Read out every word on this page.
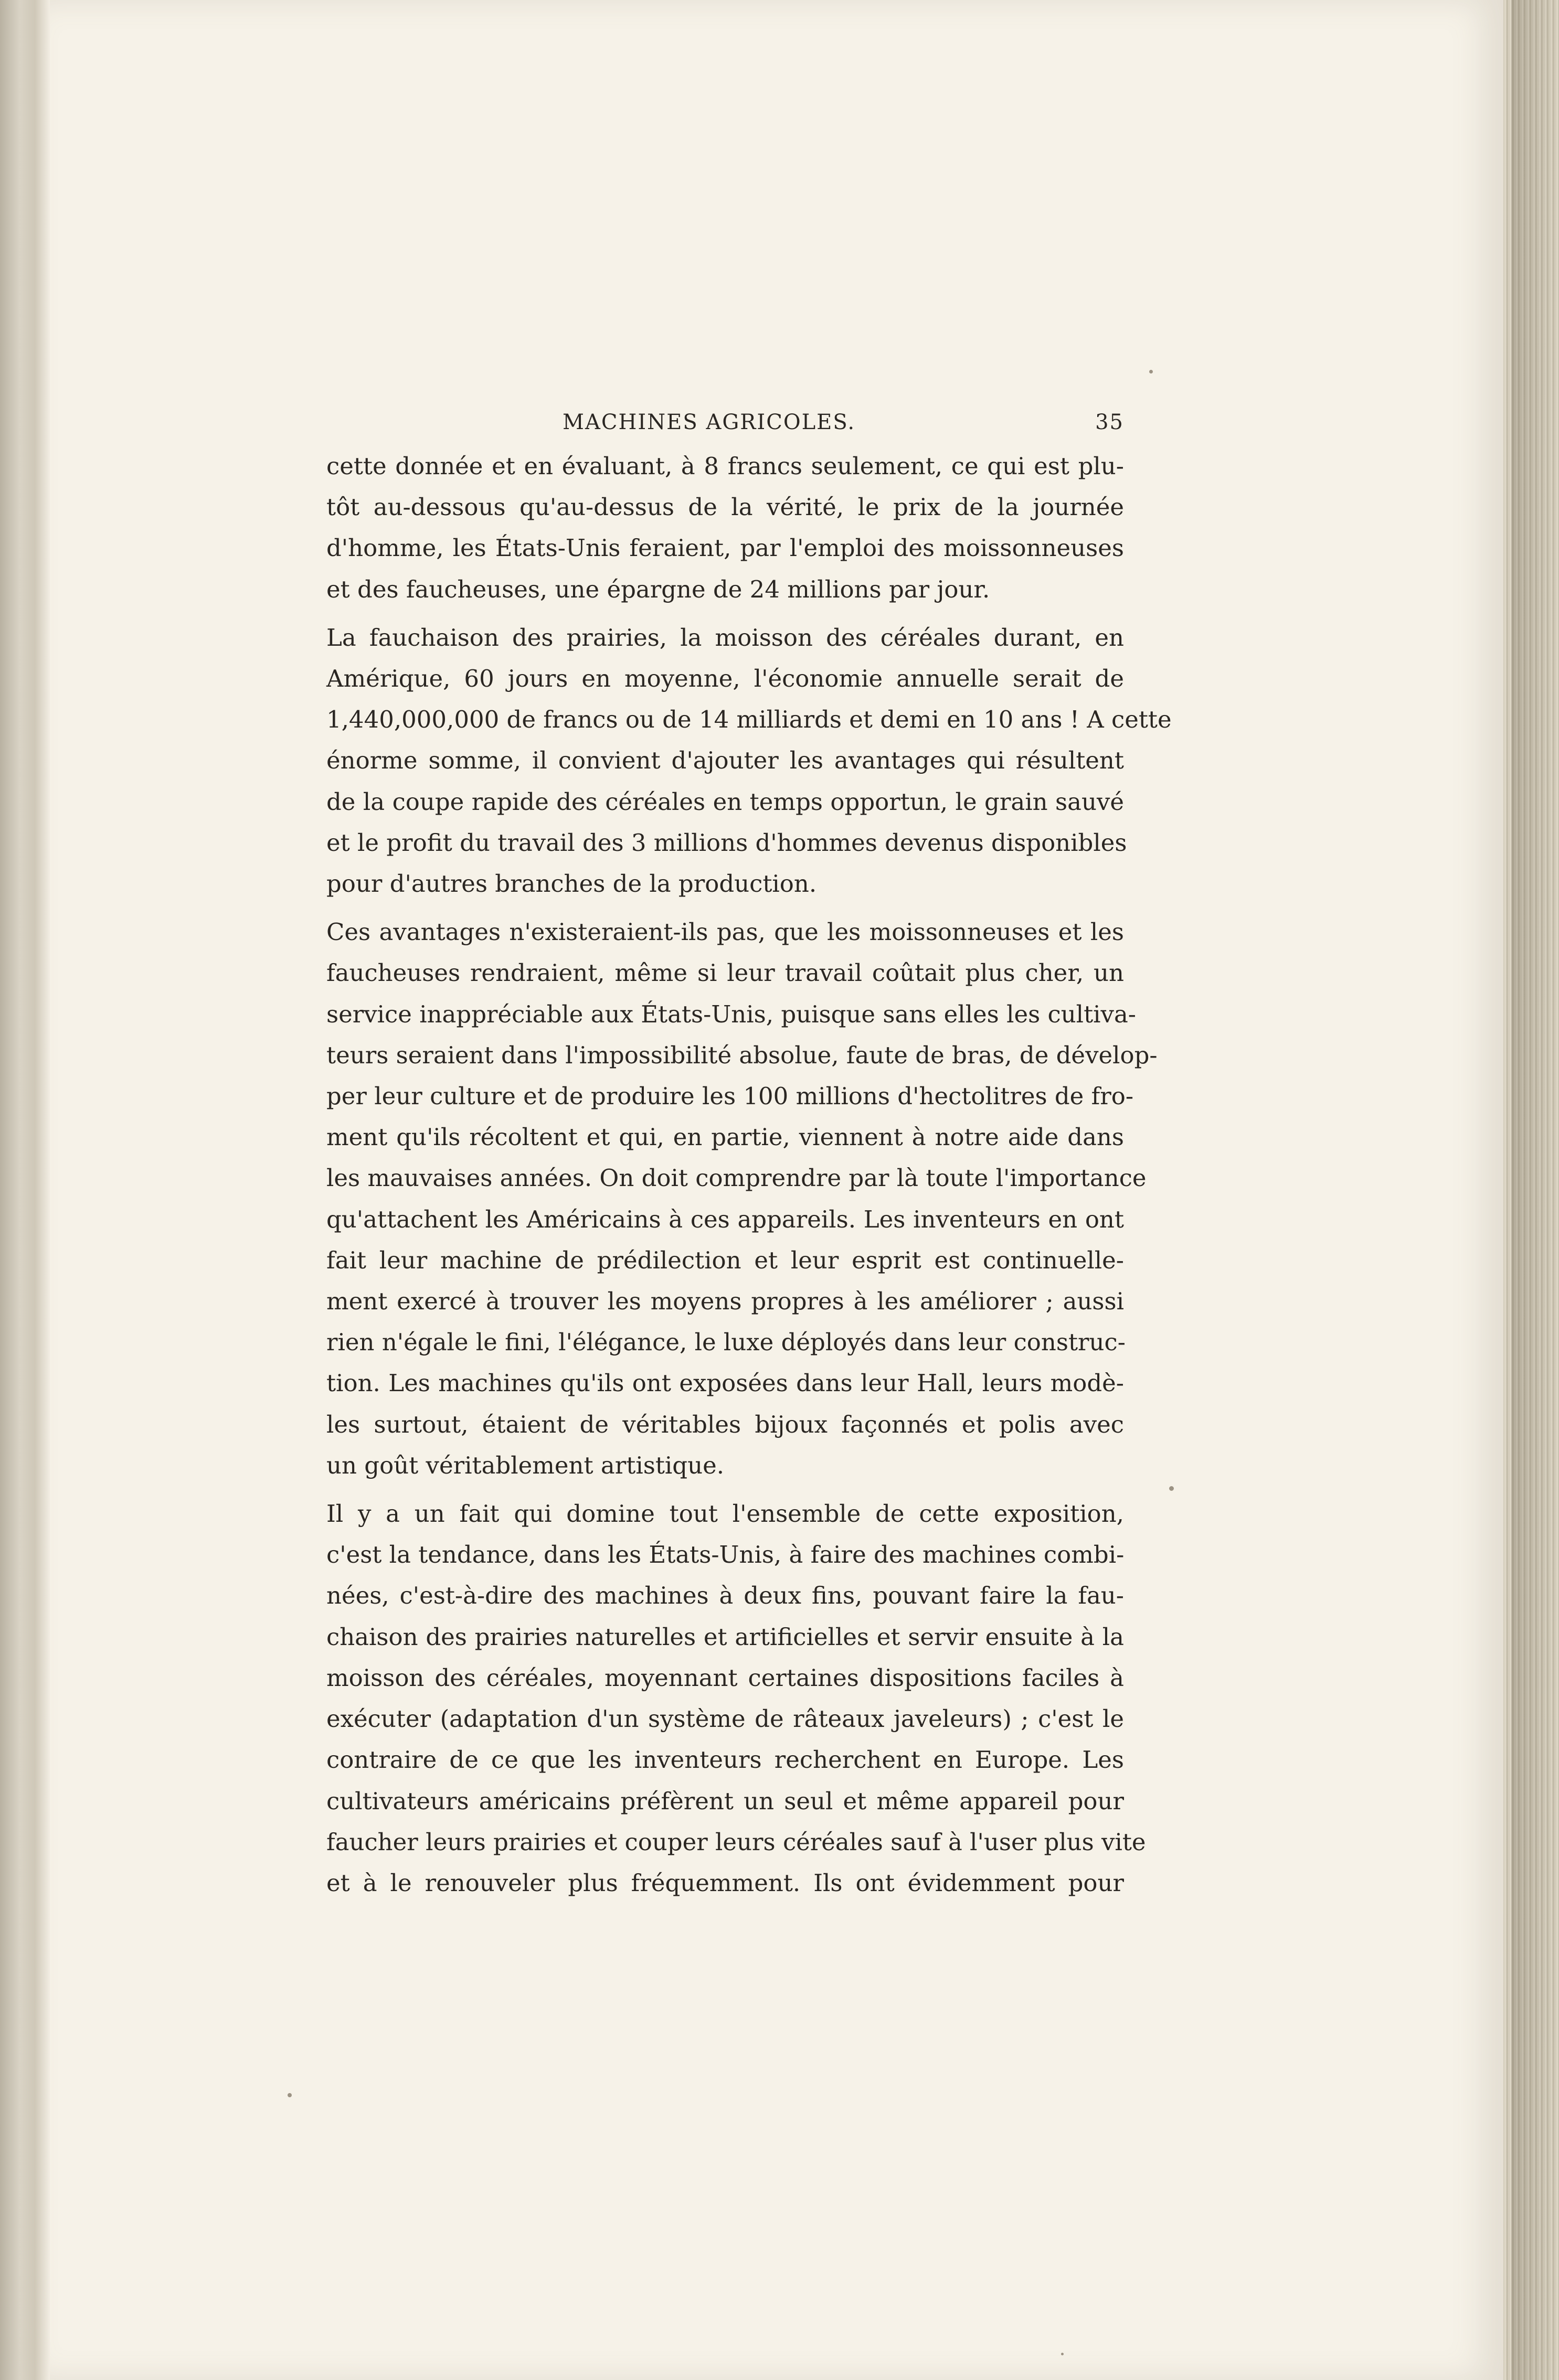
MACHINES AGRICOLES.	35
cette donnée et en évaluant, à 8 francs seulement, ce qui est plu-
tôt au-dessous qu'au-dessus de la vérité, le prix de la journée
d'homme, les États-Unis feraient, par l'emploi des moissonneuses
et des faucheuses, une épargne de 24 millions par jour.
La fauchaison des prairies, la moisson des céréales durant, en
Amérique, 60 jours en moyenne, l'économie annuelle serait de
1,440,000,000 de francs ou de 14 milliards et demi en 10 ans ! A cette
énorme somme, il convient d'ajouter les avantages qui résultent
de la coupe rapide des céréales en temps opportun, le grain sauvé
et le profit du travail des 3 millions d'hommes devenus disponibles
pour d'autres branches de la production.
Ces avantages n'existeraient-ils pas, que les moissonneuses et les
faucheuses rendraient, même si leur travail coûtait plus cher, un
service inappréciable aux États-Unis, puisque sans elles les cultiva-
teurs seraient dans l'impossibilité absolue, faute de bras, de dévelop-
per leur culture et de produire les 100 millions d'hectolitres de fro-
ment qu'ils récoltent et qui, en partie, viennent à notre aide dans
les mauvaises années. On doit comprendre par là toute l'importance
qu'attachent les Américains à ces appareils. Les inventeurs en ont
fait leur machine de prédilection et leur esprit est continuelle-
ment exercé à trouver les moyens propres à les améliorer ; aussi
rien n'égale le fini, l'élégance, le luxe déployés dans leur construc-
tion. Les machines qu'ils ont exposées dans leur Hall, leurs modè-
les surtout, étaient de véritables bijoux façonnés et polis avec
un goût véritablement artistique.
Il y a un fait qui domine tout l'ensemble de cette exposition,
c'est la tendance, dans les États-Unis, à faire des machines combi-
nées, c'est-à-dire des machines à deux fins, pouvant faire la fau-
chaison des prairies naturelles et artificielles et servir ensuite à la
moisson des céréales, moyennant certaines dispositions faciles à
exécuter (adaptation d'un système de râteaux javeleurs) ; c'est le
contraire de ce que les inventeurs recherchent en Europe. Les
cultivateurs américains préfèrent un seul et même appareil pour
faucher leurs prairies et couper leurs céréales sauf à l'user plus vite
et à le renouveler plus fréquemment. Ils ont évidemment pour
